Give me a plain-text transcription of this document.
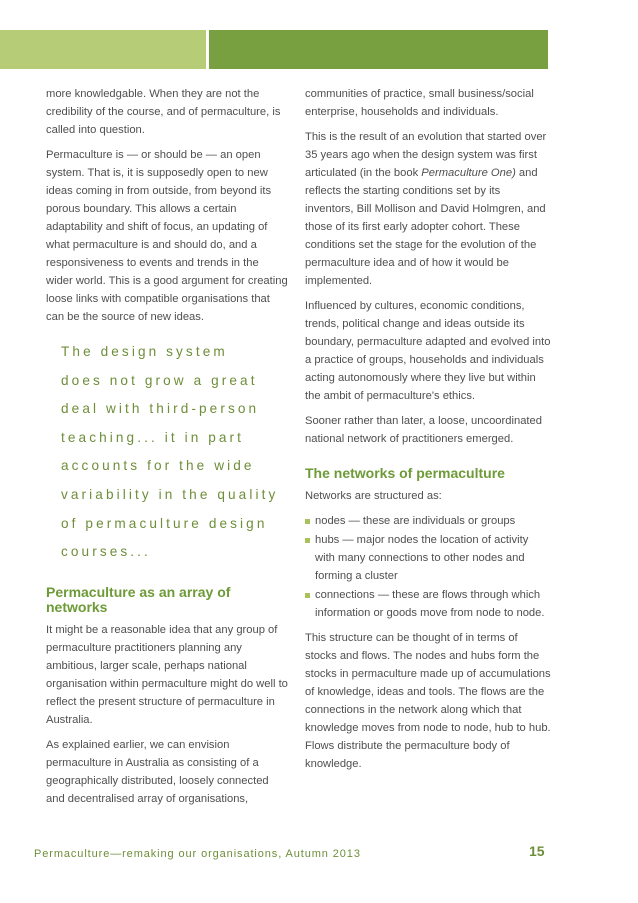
more knowledgable. When they are not the credibility of the course, and of permaculture, is called into question.

Permaculture is — or should be — an open system. That is, it is supposedly open to new ideas coming in from outside, from beyond its porous boundary. This allows a certain adaptability and shift of focus, an updating of what permaculture is and should do, and a responsiveness to events and trends in the wider world. This is a good argument for creating loose links with compatible organisations that can be the source of new ideas.

The design system
does not grow a great
deal with third-person
teaching... it in part
accounts for the wide
variability in the quality
of permaculture design
courses...
Permaculture as an array of networks

It might be a reasonable idea that any group of permaculture practitioners planning any ambitious, larger scale, perhaps national organisation within permaculture might do well to reflect the present structure of permaculture in Australia.

As explained earlier, we can envision permaculture in Australia as consisting of a geographically distributed, loosely connected and decentralised array of organisations,

communities of practice, small business/social enterprise, households and individuals.

This is the result of an evolution that started over 35 years ago when the design system was first articulated (in the book Permaculture One) and reflects the starting conditions set by its inventors, Bill Mollison and David Holmgren, and those of its first early adopter cohort. These conditions set the stage for the evolution of the permaculture idea and of how it would be implemented.

Influenced by cultures, economic conditions, trends, political change and ideas outside its boundary, permaculture adapted and evolved into a practice of groups, households and individuals acting autonomously where they live but within the ambit of permaculture's ethics.

Sooner rather than later, a loose, uncoordinated national network of practitioners emerged.

The networks of permaculture

Networks are structured as:

nodes — these are individuals or groups
hubs — major nodes the location of activity with many connections to other nodes and forming a cluster
connections — these are flows through which information or goods move from node to node.

This structure can be thought of in terms of stocks and flows. The nodes and hubs form the stocks in permaculture made up of accumulations of knowledge, ideas and tools. The flows are the connections in the network along which that knowledge moves from node to node, hub to hub. Flows distribute the permaculture body of knowledge.

Permaculture—remaking our organisations, Autumn 2013	15
